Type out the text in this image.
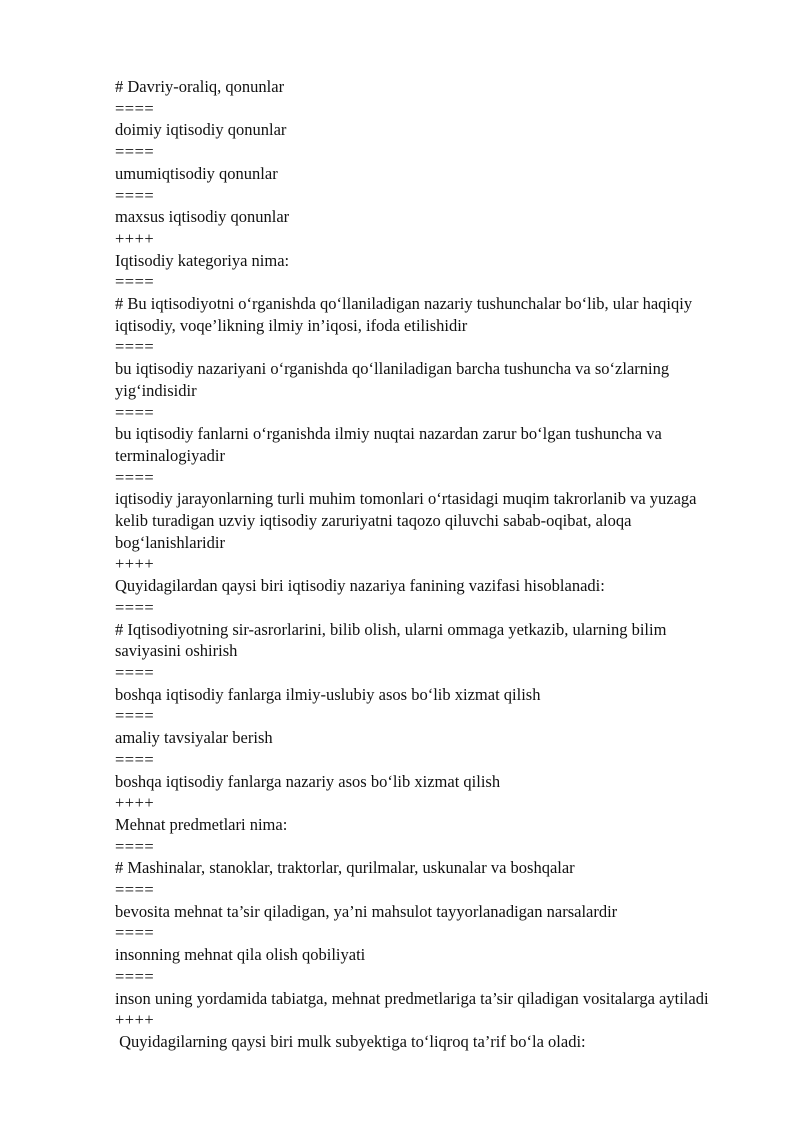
# Davriy-oraliq, qonunlar
====
doimiy iqtisodiy qonunlar
====
umumiqtisodiy qonunlar
====
maxsus iqtisodiy qonunlar
++++
Iqtisodiy kategoriya nima:
====
# Bu iqtisodiyotni o‘rganishda qo‘llaniladigan nazariy tushunchalar bo‘lib, ular haqiqiy
iqtisodiy, voqe’likning ilmiy in’iqosi, ifoda etilishidir
====
bu iqtisodiy nazariyani o‘rganishda qo‘llaniladigan barcha tushuncha va so‘zlarning
yig‘indisidir
====
bu iqtisodiy fanlarni o‘rganishda ilmiy nuqtai nazardan zarur bo‘lgan tushuncha va
terminalogiyadir
====
iqtisodiy jarayonlarning turli muhim tomonlari o‘rtasidagi muqim takrorlanib va yuzaga
kelib turadigan uzviy iqtisodiy zaruriyatni taqozo qiluvchi sabab-oqibat, aloqa
bog‘lanishlaridir
++++
Quyidagilardan qaysi biri iqtisodiy nazariya fanining vazifasi hisoblanadi:
====
# Iqtisodiyotning sir-asrorlarini, bilib olish, ularni ommaga yetkazib, ularning bilim
saviyasini oshirish
====
boshqa iqtisodiy fanlarga ilmiy-uslubiy asos bo‘lib xizmat qilish
====
amaliy tavsiyalar berish
====
boshqa iqtisodiy fanlarga nazariy asos bo‘lib xizmat qilish
++++
Mehnat predmetlari nima:
====
# Mashinalar, stanoklar, traktorlar, qurilmalar, uskunalar va boshqalar
====
bevosita mehnat ta’sir qiladigan, ya’ni mahsulot tayyorlanadigan narsalardir
====
insonning mehnat qila olish qobiliyati
====
inson uning yordamida tabiatga, mehnat predmetlariga ta’sir qiladigan vositalarga aytiladi
++++
Quyidagilarning qaysi biri mulk subyektiga to‘liqroq ta’rif bo‘la oladi:
